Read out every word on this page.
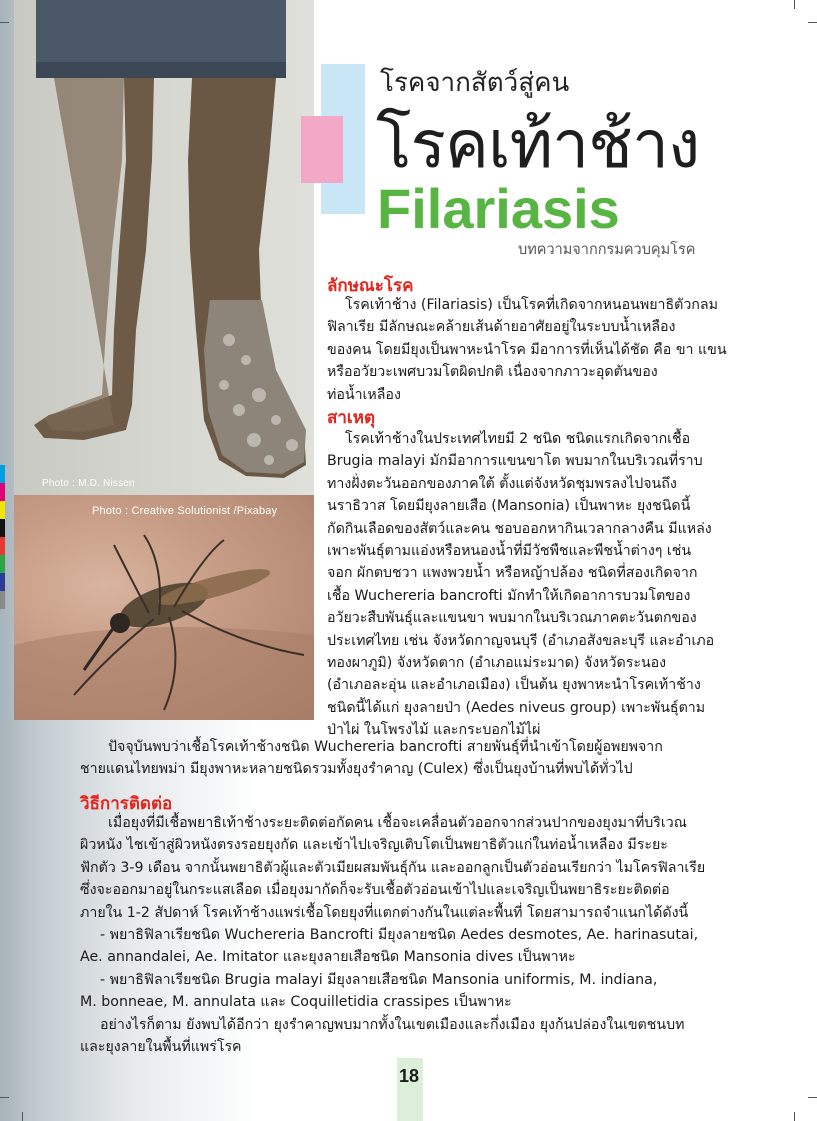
Photo : M.D. Nissen
Photo : Creative Solutionist /Pixabay
โรคจากสัตว์สู่คน
โรคเท้าช้าง
Filariasis
บทความจากกรมควบคุมโรค
ลักษณะโรค
โรคเท้าช้าง (Filariasis) เป็นโรคที่เกิดจากหนอนพยาธิตัวกลม
ฟิลาเรีย มีลักษณะคล้ายเส้นด้ายอาศัยอยู่ในระบบน้ำเหลือง
ของคน โดยมียุงเป็นพาหะนำโรค มีอาการที่เห็นได้ชัด คือ ขา แขน
หรืออวัยวะเพศบวมโตผิดปกติ เนื่องจากภาวะอุดตันของ
ท่อน้ำเหลือง
สาเหตุ
โรคเท้าช้างในประเทศไทยมี 2 ชนิด ชนิดแรกเกิดจากเชื้อ
Brugia malayi มักมีอาการแขนขาโต พบมากในบริเวณที่ราบ
ทางฝั่งตะวันออกของภาคใต้ ตั้งแต่จังหวัดชุมพรลงไปจนถึง
นราธิวาส โดยมียุงลายเสือ (Mansonia) เป็นพาหะ ยุงชนิดนี้
กัดกินเลือดของสัตว์และคน ชอบออกหากินเวลากลางคืน มีแหล่ง
เพาะพันธุ์ตามแอ่งหรือหนองน้ำที่มีวัชพืชและพืชน้ำต่างๆ เช่น
จอก ผักตบชวา แพงพวยน้ำ หรือหญ้าปล้อง ชนิดที่สองเกิดจาก
เชื้อ Wuchereria bancrofti มักทำให้เกิดอาการบวมโตของ
อวัยวะสืบพันธุ์และแขนขา พบมากในบริเวณภาคตะวันตกของ
ประเทศไทย เช่น จังหวัดกาญจนบุรี (อำเภอสังขละบุรี และอำเภอ
ทองผาภูมิ) จังหวัดตาก (อำเภอแม่ระมาด) จังหวัดระนอง
(อำเภอละอุ่น และอำเภอเมือง) เป็นต้น ยุงพาหะนำโรคเท้าช้าง
ชนิดนี้ได้แก่ ยุงลายป่า (Aedes niveus group) เพาะพันธุ์ตาม
ป่าไผ่ ในโพรงไม้ และกระบอกไม้ไผ่
ปัจจุบันพบว่าเชื้อโรคเท้าช้างชนิด Wuchereria bancrofti สายพันธุ์ที่นำเข้าโดยผู้อพยพจาก
ชายแดนไทยพม่า มียุงพาหะหลายชนิดรวมทั้งยุงรำคาญ (Culex) ซึ่งเป็นยุงบ้านที่พบได้ทั่วไป
วิธีการติดต่อ
เมื่อยุงที่มีเชื้อพยาธิเท้าช้างระยะติดต่อกัดคน เชื้อจะเคลื่อนตัวออกจากส่วนปากของยุงมาที่บริเวณ
ผิวหนัง ไชเข้าสู่ผิวหนังตรงรอยยุงกัด และเข้าไปเจริญเติบโตเป็นพยาธิตัวแก่ในท่อน้ำเหลือง มีระยะ
ฟักตัว 3-9 เดือน จากนั้นพยาธิตัวผู้และตัวเมียผสมพันธุ์กัน และออกลูกเป็นตัวอ่อนเรียกว่า ไมโครฟิลาเรีย
ซึ่งจะออกมาอยู่ในกระแสเลือด เมื่อยุงมากัดก็จะรับเชื้อตัวอ่อนเข้าไปและเจริญเป็นพยาธิระยะติดต่อ
ภายใน 1-2 สัปดาห์ โรคเท้าช้างแพร่เชื้อโดยยุงที่แตกต่างกันในแต่ละพื้นที่ โดยสามารถจำแนกได้ดังนี้
- พยาธิฟิลาเรียชนิด Wuchereria Bancrofti มียุงลายชนิด Aedes desmotes, Ae. harinasutai,
Ae. annandalei, Ae. Imitator และยุงลายเสือชนิด Mansonia dives เป็นพาหะ
- พยาธิฟิลาเรียชนิด Brugia malayi มียุงลายเสือชนิด Mansonia uniformis, M. indiana,
M. bonneae, M. annulata และ Coquilletidia crassipes เป็นพาหะ
อย่างไรก็ตาม ยังพบได้อีกว่า ยุงรำคาญพบมากทั้งในเขตเมืองและกึ่งเมือง ยุงก้นปล่องในเขตชนบท
และยุงลายในพื้นที่แพร่โรค
18
